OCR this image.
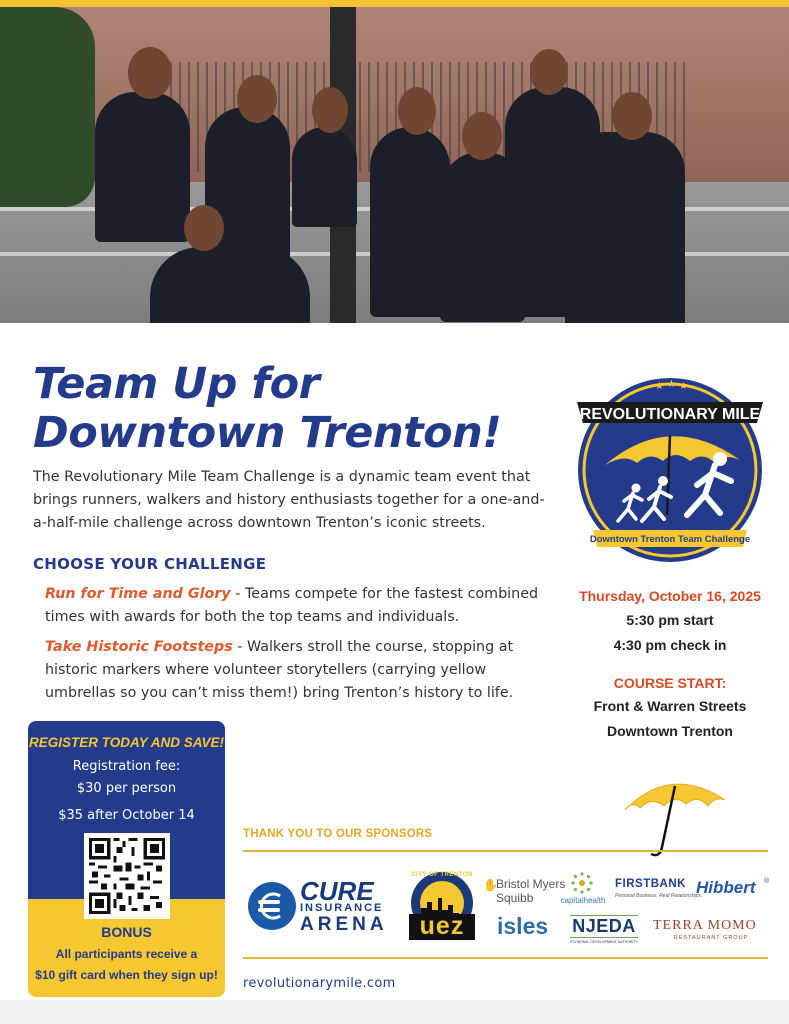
Team Up for
Downtown Trenton!
The Revolutionary Mile Team Challenge is a dynamic team event that brings runners, walkers and history enthusiasts together for a one-and-a-half-mile challenge across downtown Trenton’s iconic streets.
CHOOSE YOUR CHALLENGE
Run for Time and Glory - Teams compete for the fastest combined times with awards for both the top teams and individuals.
Take Historic Footsteps - Walkers stroll the course, stopping at historic markers where volunteer storytellers (carrying yellow umbrellas so you can’t miss them!) bring Trenton’s history to life.
★ ★ ★
REVOLUTIONARY MILE
Downtown Trenton Team Challenge
Thursday, October 16, 2025
5:30 pm start
4:30 pm check in
COURSE START:
Front & Warren Streets
Downtown Trenton
REGISTER TODAY AND SAVE!
Registration fee:
$30 per person
$35 after October 14
BONUS
All participants receive a
$10 gift card when they sign up!
THANK YOU TO OUR SPONSORS
CURE
INSURANCE
ARENA
CITY OF TRENTON
uez
✋
Bristol Myers
Squibb	capitalhealth
FIRSTBANK
Personal Business. Real Relationships.
Hibbert ®
isles NJEDA
ECONOMIC DEVELOPMENT AUTHORITY
TERRA MOMO
RESTAURANT GROUP
revolutionarymile.com
